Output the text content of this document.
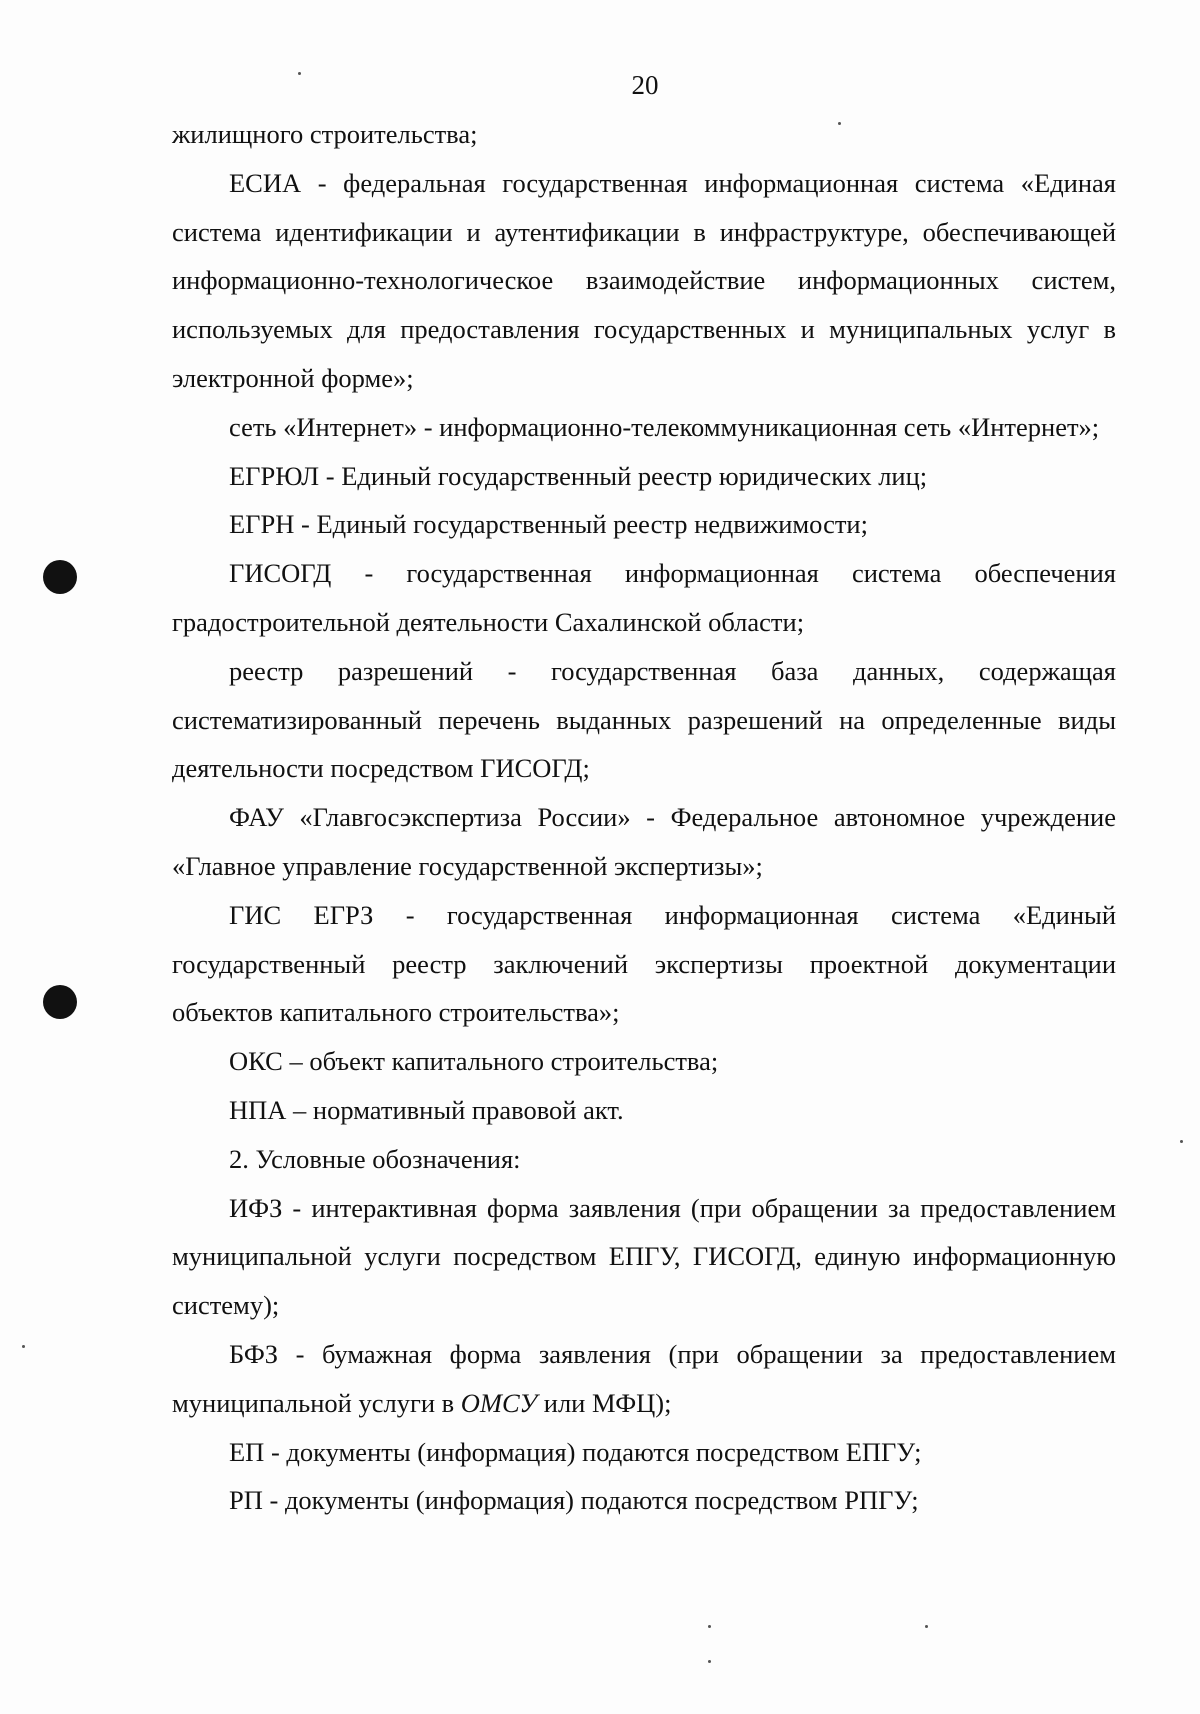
20

жилищного строительства;

ЕСИА - федеральная государственная информационная система «Единая система идентификации и аутентификации в инфраструктуре, обеспечивающей информационно-технологическое взаимодействие информационных систем, используемых для предоставления государственных и муниципальных услуг в электронной форме»;

сеть «Интернет» - информационно-телекоммуникационная сеть «Интернет»;

ЕГРЮЛ - Единый государственный реестр юридических лиц;

ЕГРН - Единый государственный реестр недвижимости;

ГИСОГД - государственная информационная система обеспечения градостроительной деятельности Сахалинской области;

реестр разрешений - государственная база данных, содержащая систематизированный перечень выданных разрешений на определенные виды деятельности посредством ГИСОГД;

ФАУ «Главгосэкспертиза России» - Федеральное автономное учреждение «Главное управление государственной экспертизы»;

ГИС ЕГРЗ - государственная информационная система «Единый государственный реестр заключений экспертизы проектной документации объектов капитального строительства»;

ОКС – объект капитального строительства;

НПА – нормативный правовой акт.

2. Условные обозначения:

ИФЗ - интерактивная форма заявления (при обращении за предоставлением муниципальной услуги посредством ЕПГУ, ГИСОГД, единую информационную систему);

БФЗ - бумажная форма заявления (при обращении за предоставлением муниципальной услуги в ОМСУ или МФЦ);

ЕП - документы (информация) подаются посредством ЕПГУ;

РП - документы (информация) подаются посредством РПГУ;
